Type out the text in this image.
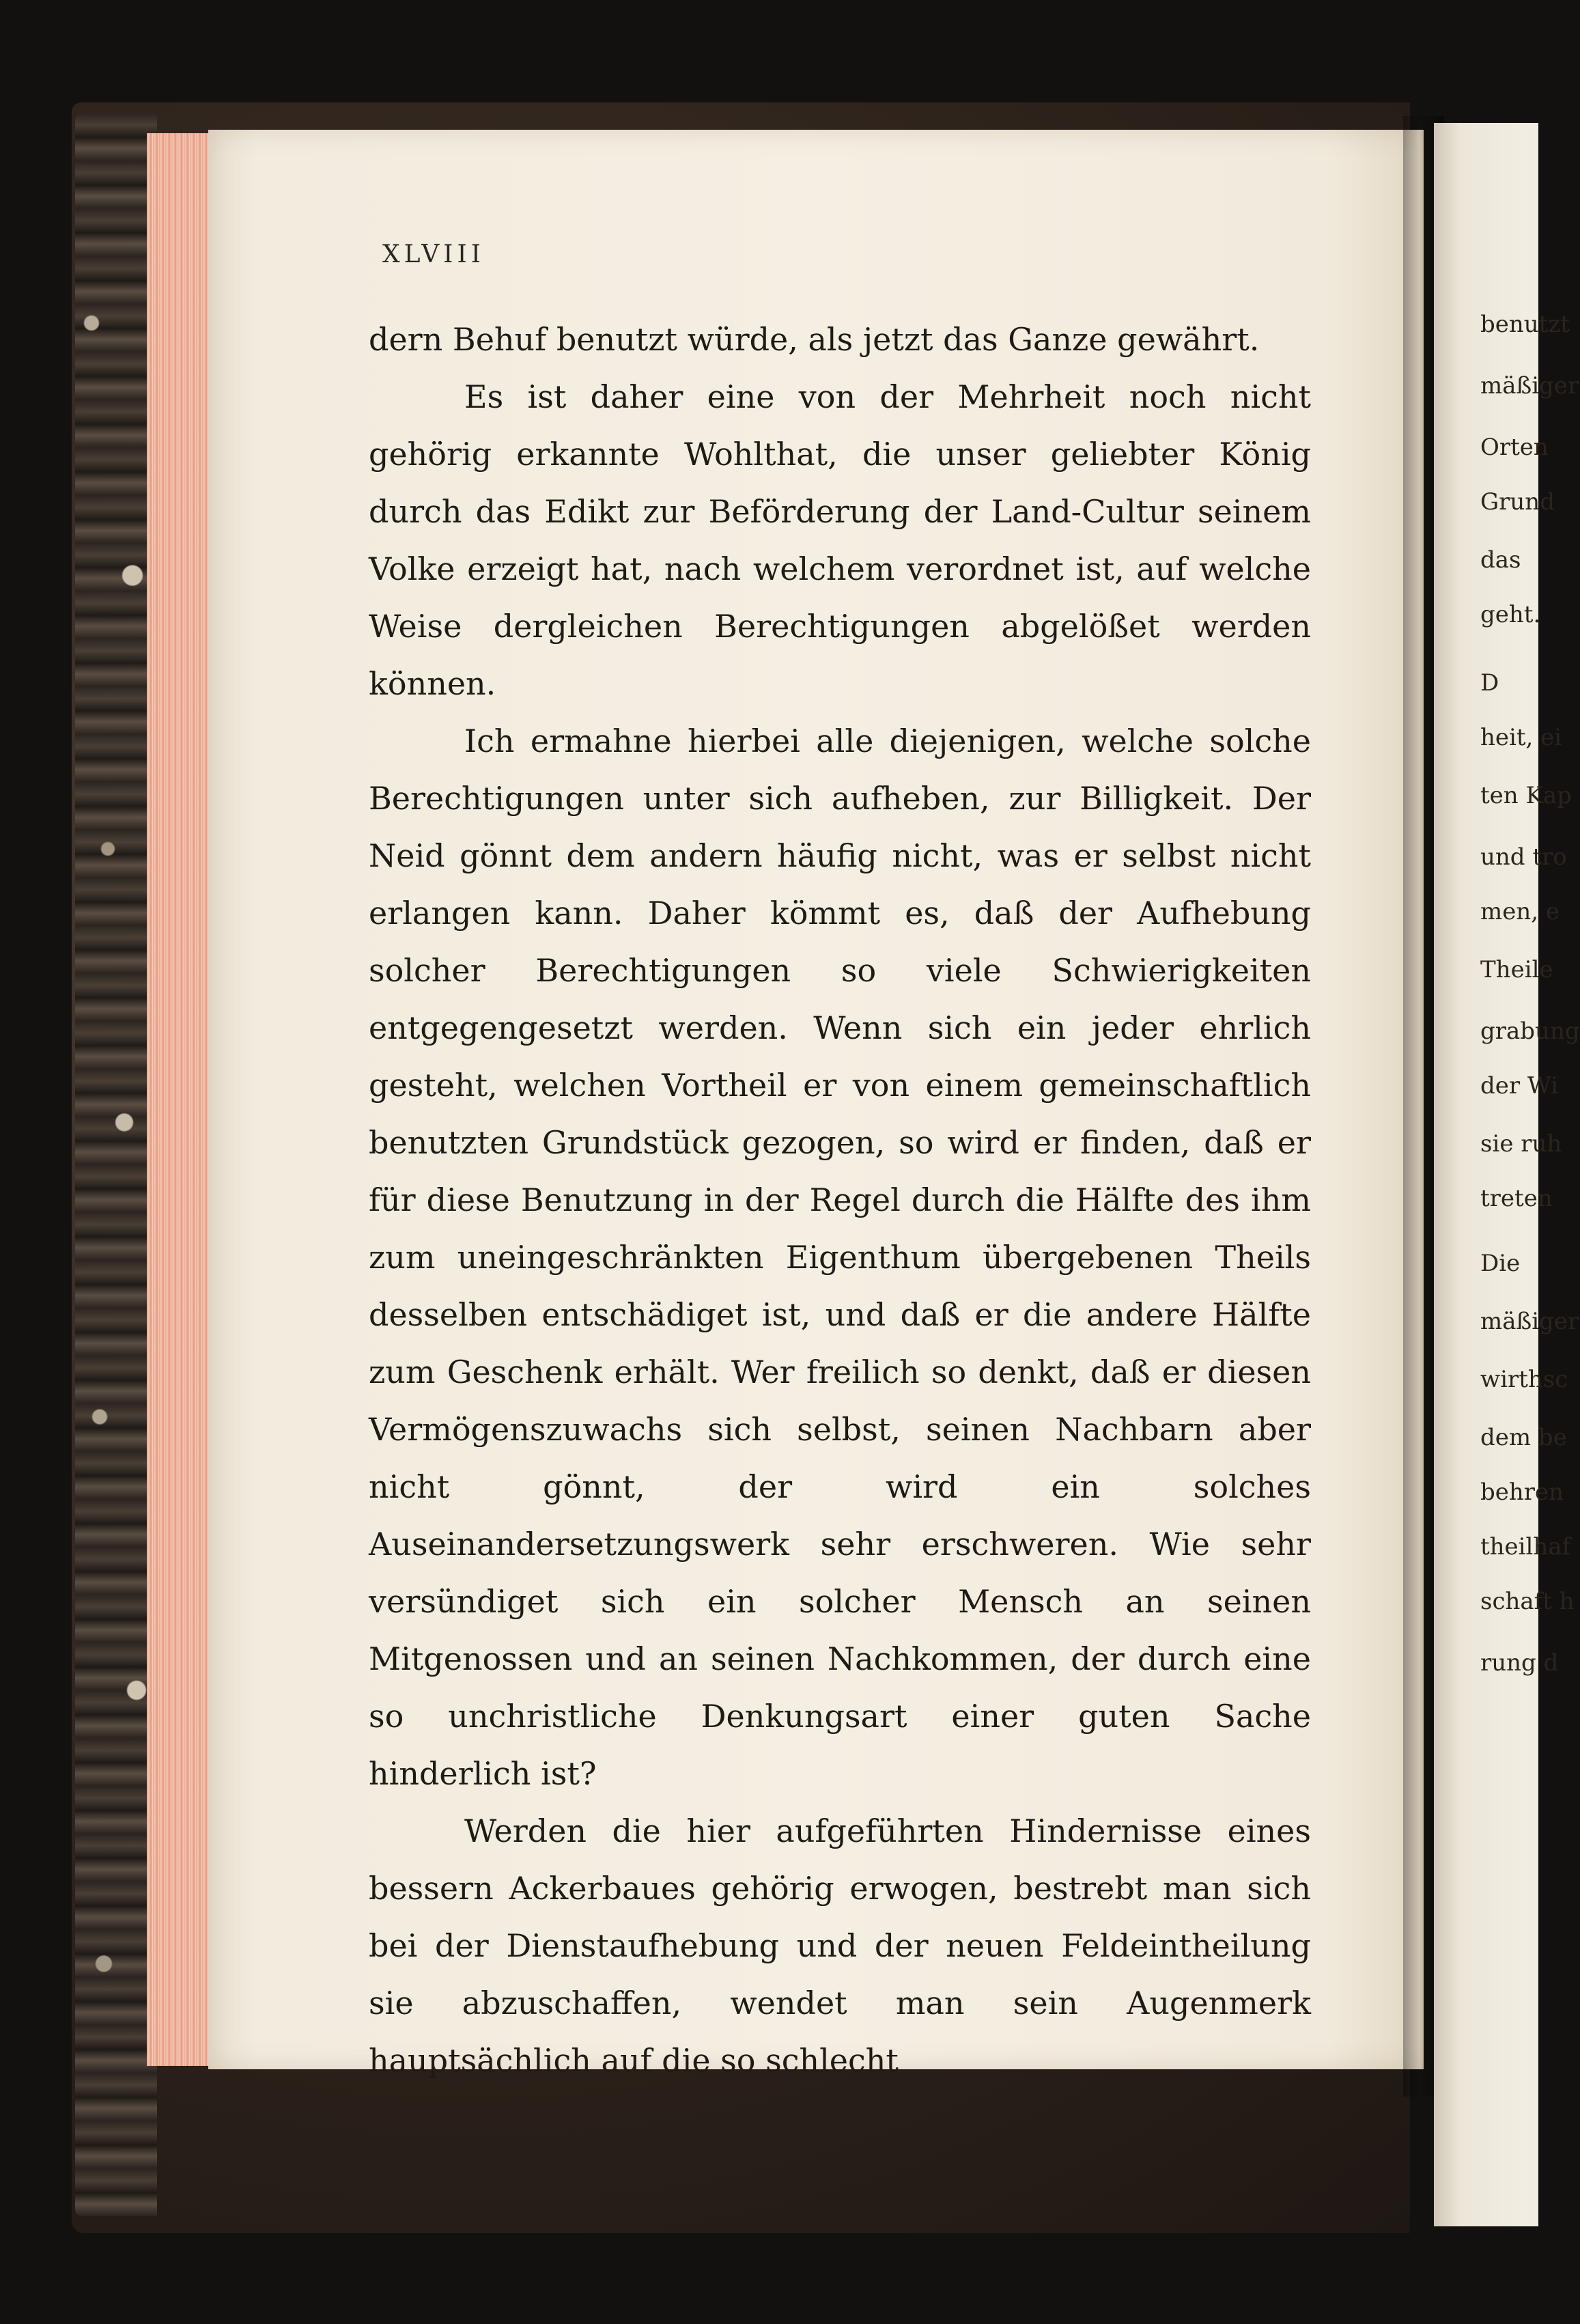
XLVIII

dern Behuf benutzt würde, als jetzt das Ganze gewährt.

Es ist daher eine von der Mehrheit noch nicht gehörig erkannte Wohlthat, die unser geliebter König durch das Edikt zur Beförderung der Land-Cultur seinem Volke erzeigt hat, nach welchem verordnet ist, auf welche Weise dergleichen Berechtigungen abgelößet werden können.

Ich ermahne hierbei alle diejenigen, welche solche Berechtigungen unter sich aufheben, zur Billigkeit. Der Neid gönnt dem andern häufig nicht, was er selbst nicht erlangen kann. Daher kömmt es, daß der Aufhebung solcher Berechtigungen so viele Schwierigkeiten entgegengesetzt werden. Wenn sich ein jeder ehrlich gesteht, welchen Vortheil er von einem gemeinschaftlich benutzten Grundstück gezogen, so wird er finden, daß er für diese Benutzung in der Regel durch die Hälfte des ihm zum uneingeschränkten Eigenthum übergebenen Theils desselben entschädiget ist, und daß er die andere Hälfte zum Geschenk erhält. Wer freilich so denkt, daß er diesen Vermögenszuwachs sich selbst, seinen Nachbarn aber nicht gönnt, der wird ein solches Auseinandersetzungswerk sehr erschweren. Wie sehr versündiget sich ein solcher Mensch an seinen Mitgenossen und an seinen Nachkommen, der durch eine so unchristliche Denkungsart einer guten Sache hinderlich ist?

Werden die hier aufgeführten Hindernisse eines bessern Ackerbaues gehörig erwogen, bestrebt man sich bei der Dienstaufhebung und der neuen Feldeintheilung sie abzuschaffen, wendet man sein Augenmerk hauptsächlich auf die so schlecht

benutzt
mäßiger
Orten
Grund
das
geht.
D
heit, ei
ten Kap
und tro
men, e
Theile
grabung
der Wi
sie ruh
treten
Die
mäßiger
wirthsc
dem be
behren
theilhaf
schaft h
rung d
